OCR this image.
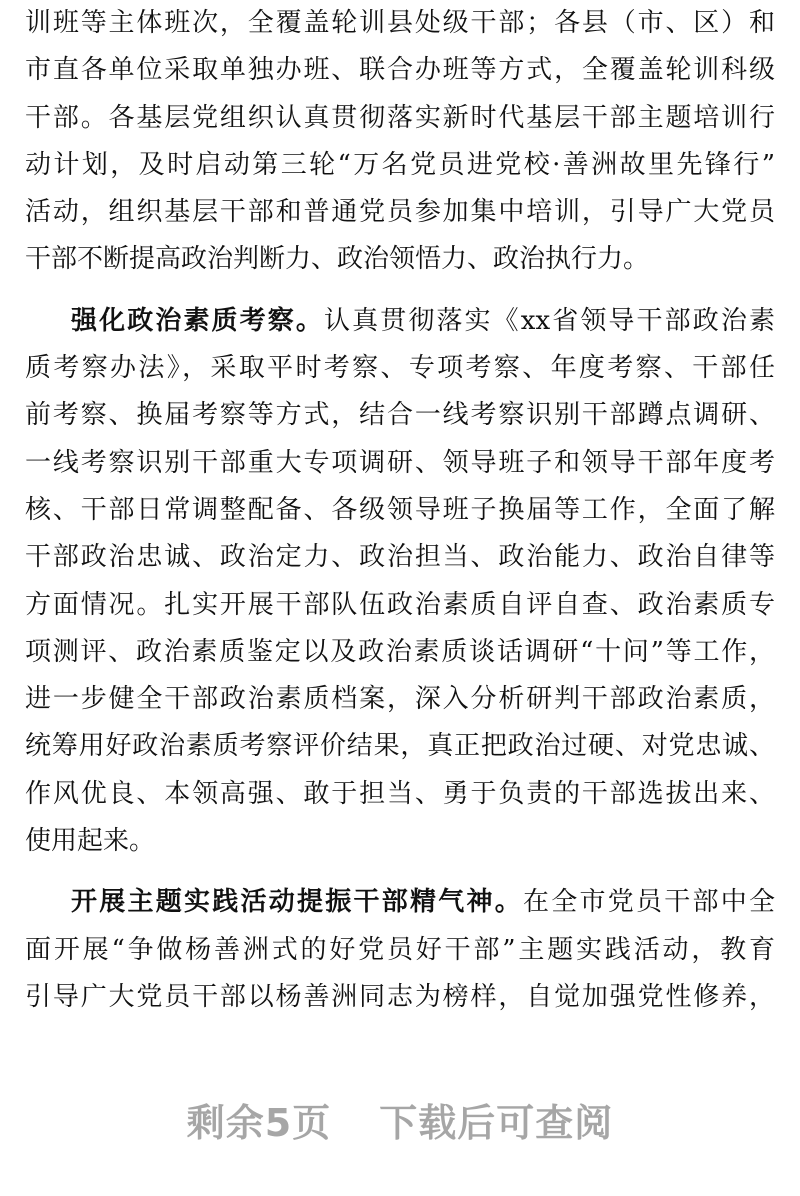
训班等主体班次，全覆盖轮训县处级干部；各县（市、区）和
市直各单位采取单独办班、联合办班等方式，全覆盖轮训科级
干部。各基层党组织认真贯彻落实新时代基层干部主题培训行
动计划，及时启动第三轮“万名党员进党校·善洲故里先锋行”
活动，组织基层干部和普通党员参加集中培训，引导广大党员
干部不断提高政治判断力、政治领悟力、政治执行力。
强化政治素质考察。认真贯彻落实《xx省领导干部政治素
质考察办法》，采取平时考察、专项考察、年度考察、干部任
前考察、换届考察等方式，结合一线考察识别干部蹲点调研、
一线考察识别干部重大专项调研、领导班子和领导干部年度考
核、干部日常调整配备、各级领导班子换届等工作，全面了解
干部政治忠诚、政治定力、政治担当、政治能力、政治自律等
方面情况。扎实开展干部队伍政治素质自评自查、政治素质专
项测评、政治素质鉴定以及政治素质谈话调研“十问”等工作，
进一步健全干部政治素质档案，深入分析研判干部政治素质，
统筹用好政治素质考察评价结果，真正把政治过硬、对党忠诚、
作风优良、本领高强、敢于担当、勇于负责的干部选拔出来、
使用起来。
开展主题实践活动提振干部精气神。在全市党员干部中全
面开展“争做杨善洲式的好党员好干部”主题实践活动，教育
引导广大党员干部以杨善洲同志为榜样，自觉加强党性修养，
剩余5页 下载后可查阅
